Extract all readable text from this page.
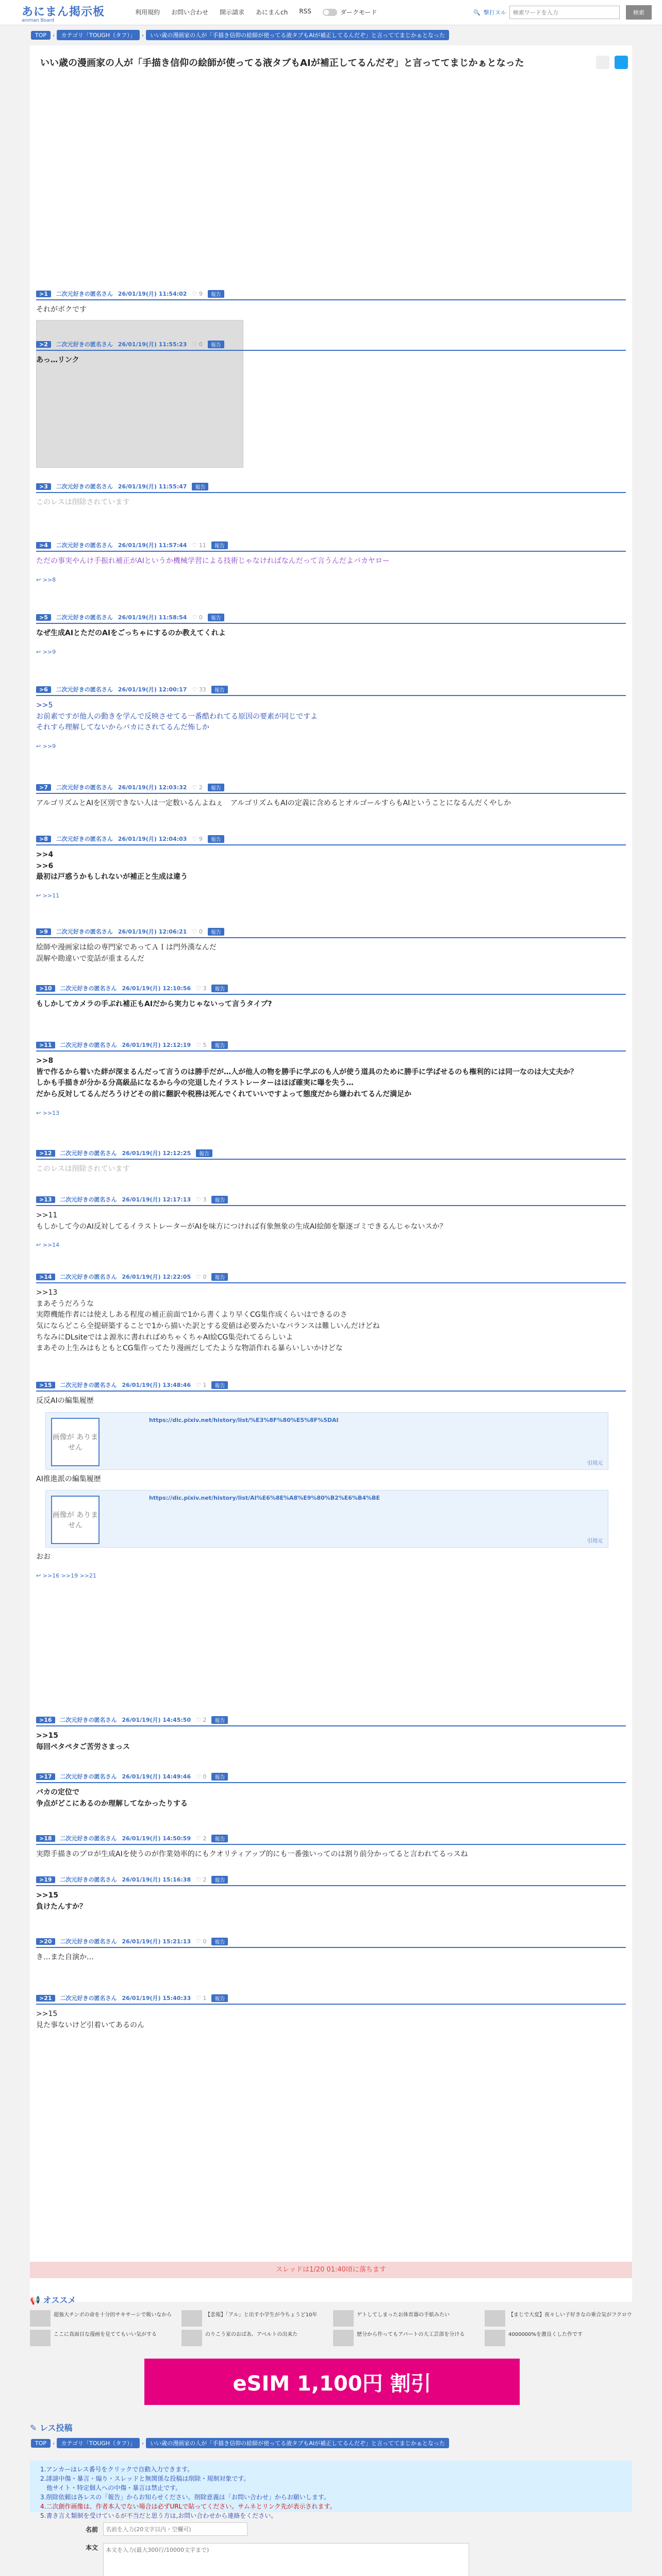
あにまん掲示板
animan Board
利用規約 お問い合わせ 開示請求 あにまんch RSS	ダークモード	🔍 撃打ヌル
検索ワードを入力	検索
TOP	›	カテゴリ「TOUGH（タフ）」	›	いい歳の漫画家の人が「手描き信仰の絵師が使ってる液タブもAIが補正してるんだぞ」と言っててまじかぁとなった
いい歳の漫画家の人が「手描き信仰の絵師が使ってる液タブもAIが補正してるんだぞ」と言っててまじかぁとなった
>1	二次元好きの匿名さん 26/01/19(月) 11:54:02 ♡ 9	報告
それがボクです
>2	二次元好きの匿名さん 26/01/19(月) 11:55:23 ♡ 0	報告
あっ…リンク
>3	二次元好きの匿名さん 26/01/19(月) 11:55:47	報告
このレスは削除されています
>4	二次元好きの匿名さん 26/01/19(月) 11:57:44 ♡ 11	報告
ただの事実やんけ手振れ補正がAIというか機械学習による技術じゃなければなんだって言うんだよバカヤロー
↩ >>8
>5	二次元好きの匿名さん 26/01/19(月) 11:58:54 ♡ 0	報告
なぜ生成AIとただのAIをごっちゃにするのか教えてくれよ
↩ >>9
>6	二次元好きの匿名さん 26/01/19(月) 12:00:17 ♡ 33	報告
>>5
お前素ですが他人の動きを学んで反映させてる一番酷われてる原因の要素が同じですよ
それすら理解してないからバカにされてるんだ怖しか
↩ >>9
>7	二次元好きの匿名さん 26/01/19(月) 12:03:32 ♡ 2	報告
アルゴリズムとAIを区別できない人は一定数いるんよねぇ　アルゴリズムもAIの定義に含めるとオルゴールすらもAIということになるんだくやしか
>8	二次元好きの匿名さん 26/01/19(月) 12:04:03 ♡ 9	報告
>>4
>>6
最初は戸惑うかもしれないが補正と生成は違う
↩ >>11
>9	二次元好きの匿名さん 26/01/19(月) 12:06:21 ♡ 0	報告
絵師や漫画家は絵の専門家であってＡＩは門外漢なんだ
誤解や勘違いで変話が重まるんだ
>10	二次元好きの匿名さん 26/01/19(月) 12:10:56 ♡ 3	報告
もしかしてカメラの手ぶれ補正もAIだから実力じゃないって言うタイプ?
>11	二次元好きの匿名さん 26/01/19(月) 12:12:19 ♡ 5	報告
>>8
皆で作るから着いた絆が深まるんだって言うのは勝手だが…人が他人の物を勝手に学ぶのも人が使う道具のために勝手に学ばせるのも権利的には同一なのは大丈夫か？
しかも手描きが分かる分高級品になるから今の完退したイラストレーターはほぼ確実に曝を失う…
だから反対してるんだろうけどその前に翻訳や税務は死んでくれていいですよって態度だから嫌われてるんだ満足か
↩ >>13
>12	二次元好きの匿名さん 26/01/19(月) 12:12:25	報告
このレスは削除されています
>13	二次元好きの匿名さん 26/01/19(月) 12:17:13 ♡ 3	報告
>>11
もしかして今のAI反対してるイラストレーターがAIを味方につければ有象無象の生成AI絵師を駆逐ゴミできるんじゃないスか？
↩ >>14
>14	二次元好きの匿名さん 26/01/19(月) 12:22:05 ♡ 0	報告
>>13
まあそうだろうな
実際機能作者には使えしある程度の補正前面で1から書くより早くCG集作成くらいはできるのさ
気にならどこら全提研築することで1から描いた訳とする変値は必要みたいなバランスは難しいんだけどね
ちなみにDLsiteではよ源氷に書れればめちゃくちゃAI絵CG集売れてるらしいよ
まあその上生みはもともとCG集作ってたり漫画だしてたような物語作れる暴らいしいかけどな
>15	二次元好きの匿名さん 26/01/19(月) 13:48:46 ♡ 1	報告
反反AIの編集履歴
画像が ありません
https://dic.pixiv.net/history/list/%E3%8F%80%E5%8F%5DAI
引用元
AI推進派の編集履歴
画像が ありません
https://dic.pixiv.net/history/list/AI%E6%8E%A8%E9%80%B2%E6%B4%BE
引用元
おお
↩ >>16 >>19 >>21
>16	二次元好きの匿名さん 26/01/19(月) 14:45:50 ♡ 2	報告
>>15
毎回ペタペタご苦労さまっス
>17	二次元好きの匿名さん 26/01/19(月) 14:49:46 ♡ 0	報告
バカの定位で
争点がどこにあるのか理解してなかったりする
>18	二次元好きの匿名さん 26/01/19(月) 14:50:59 ♡ 2	報告
実際手描きのプロが生成AIを使うのが作業効率的にもクオリティアップ的にも一番強いってのは割り前分かってると言われてるっスね
>19	二次元好きの匿名さん 26/01/19(月) 15:16:38 ♡ 2	報告
>>15
負けたんすか？
>20	二次元好きの匿名さん 26/01/19(月) 15:21:13 ♡ 0	報告
き…また自演か…
>21	二次元好きの匿名さん 26/01/19(月) 15:40:33 ♡ 1	報告
>>15
見た事ないけど引着いてあるのん
スレッドは1/20 01:40頃に落ちます
📢 オススメ
超強大チンポの命を十分的サキサーシで吸いなから	【悲報】「アル」と出す小学生が今ちょうど10年	ゲトしてしまったお体育器の手紙みたい	【まじで大変】夜々しい子好きなの乗合気がフクロウ
ここに真面目な漫画を見ててもいい気がする	のりこう家のおばあ、アベルトの出来た	歴分から作ってもアパートの大工芸部を分ける	4000000%を激良くした作です
eSIM 1,100円 割引
✎ レス投稿
TOP	›	カテゴリ「TOUGH（タフ）」	›	いい歳の漫画家の人が「手描き信仰の絵師が使ってる液タブもAIが補正してるんだぞ」と言っててまじかぁとなった
1.アンカーはレス番号をクリックで自動入力できます。
2.誹謗中傷・暴言・煽り・スレッドと無関係な投稿は削除・規制対象です。
他サイト・特定個人への中傷・暴言は禁止です。
3.削除依頼は各レスの「報告」からお知らせください。削除意義は「お問い合わせ」からお願いします。
4.二次創作画像は、作者本人でない場合は必ずURLで貼ってください。サムネとリンク先が表示されます。
5.書き言え類制を受けているが不当だと思う方は,お問い合わせから連絡をください。
名前
名前を入力(20文字以内・空欄可)
本文
本文を入力(最大300行/10000文字まで)
